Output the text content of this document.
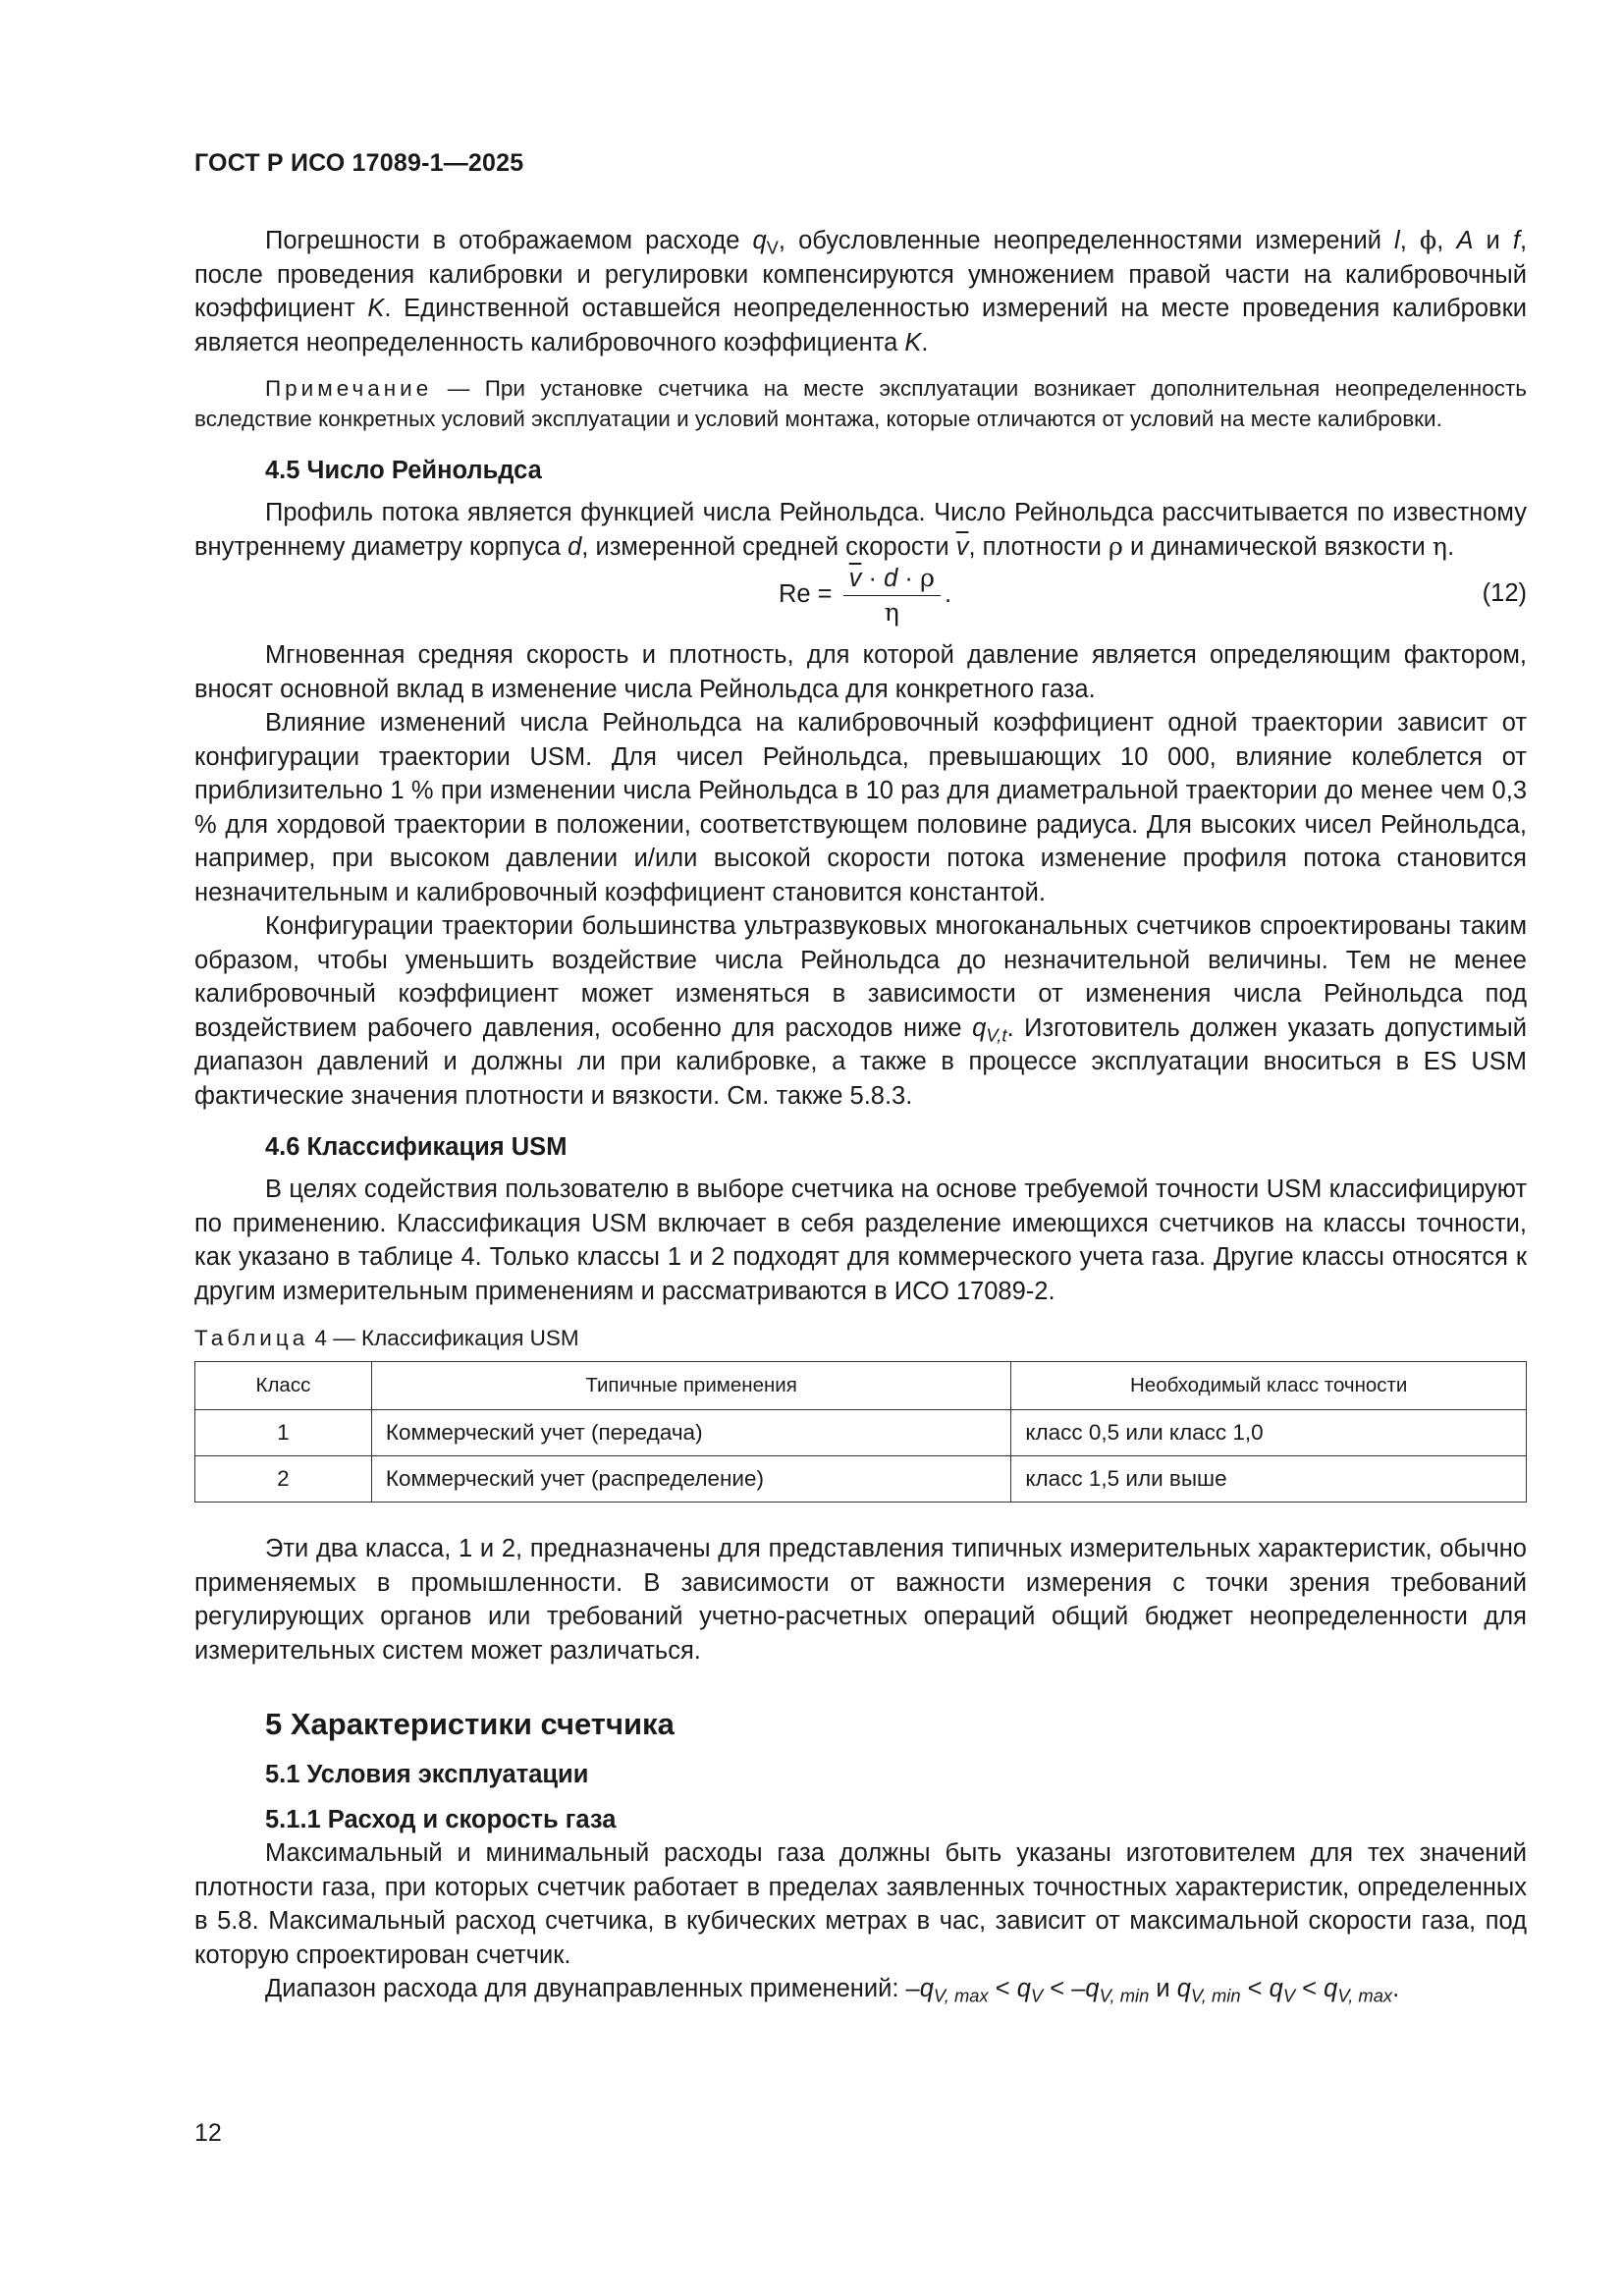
ГОСТ Р ИСО 17089-1—2025

Погрешности в отображаемом расходе $q_V$, обусловленные неопределенностями измерений l, ϕ, A и f, после проведения калибровки и регулировки компенсируются умножением правой части на калибровочный коэффициент K. Единственной оставшейся неопределенностью измерений на месте проведения калибровки является неопределенность калибровочного коэффициента K.

Примечание — При установке счетчика на месте эксплуатации возникает дополнительная неопределенность вследствие конкретных условий эксплуатации и условий монтажа, которые отличаются от условий на месте калибровки.

4.5 Число Рейнольдса

Профиль потока является функцией числа Рейнольдса. Число Рейнольдса рассчитывается по известному внутреннему диаметру корпуса d, измеренной средней скорости $\overline{v}$, плотности ρ и динамической вязкости η.

$Re = \frac{\overline{v} \cdot d \cdot \rho}{\eta}$ .	(12)

Мгновенная средняя скорость и плотность, для которой давление является определяющим фактором, вносят основной вклад в изменение числа Рейнольдса для конкретного газа.

Влияние изменений числа Рейнольдса на калибровочный коэффициент одной траектории зависит от конфигурации траектории USM. Для чисел Рейнольдса, превышающих 10 000, влияние колеблется от приблизительно 1 % при изменении числа Рейнольдса в 10 раз для диаметральной траектории до менее чем 0,3 % для хордовой траектории в положении, соответствующем половине радиуса. Для высоких чисел Рейнольдса, например, при высоком давлении и/или высокой скорости потока изменение профиля потока становится незначительным и калибровочный коэффициент становится константой.

Конфигурации траектории большинства ультразвуковых многоканальных счетчиков спроектированы таким образом, чтобы уменьшить воздействие числа Рейнольдса до незначительной величины. Тем не менее калибровочный коэффициент может изменяться в зависимости от изменения числа Рейнольдса под воздействием рабочего давления, особенно для расходов ниже $q_{V,t}$. Изготовитель должен указать допустимый диапазон давлений и должны ли при калибровке, а также в процессе эксплуатации вноситься в ES USM фактические значения плотности и вязкости. См. также 5.8.3.

4.6 Классификация USM

В целях содействия пользователю в выборе счетчика на основе требуемой точности USM классифицируют по применению. Классификация USM включает в себя разделение имеющихся счетчиков на классы точности, как указано в таблице 4. Только классы 1 и 2 подходят для коммерческого учета газа. Другие классы относятся к другим измерительным применениям и рассматриваются в ИСО 17089-2.

Таблица 4 — Классификация USM

Класс	Типичные применения	Необходимый класс точности
1	Коммерческий учет (передача)	класс 0,5 или класс 1,0
2	Коммерческий учет (распределение)	класс 1,5 или выше

Эти два класса, 1 и 2, предназначены для представления типичных измерительных характеристик, обычно применяемых в промышленности. В зависимости от важности измерения с точки зрения требований регулирующих органов или требований учетно-расчетных операций общий бюджет неопределенности для измерительных систем может различаться.

5 Характеристики счетчика
5.1 Условия эксплуатации
5.1.1 Расход и скорость газа

Максимальный и минимальный расходы газа должны быть указаны изготовителем для тех значений плотности газа, при которых счетчик работает в пределах заявленных точностных характеристик, определенных в 5.8. Максимальный расход счетчика, в кубических метрах в час, зависит от максимальной скорости газа, под которую спроектирован счетчик.

Диапазон расхода для двунаправленных применений: $-q_{V, max} < q_V < -q_{V, min}$ и $q_{V, min} < q_V < q_{V, max}$.

12
